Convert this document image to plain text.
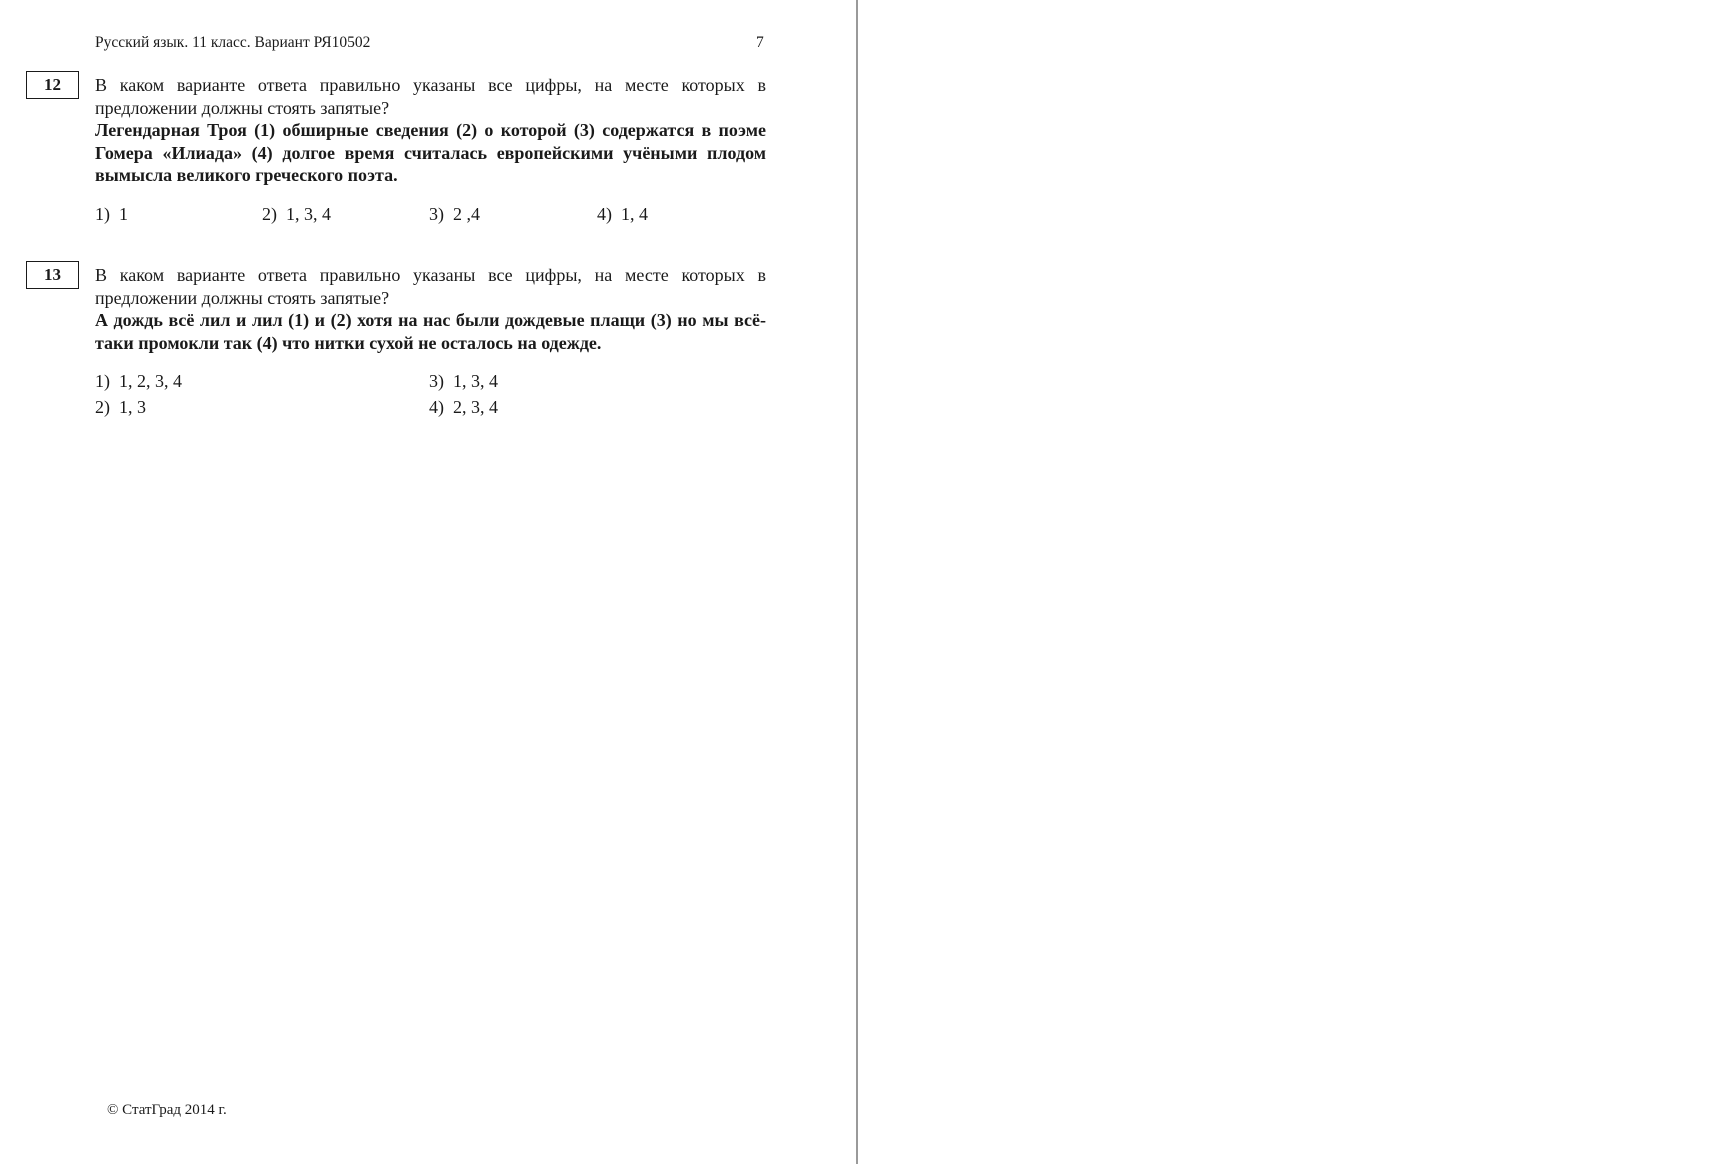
Русский язык. 11 класс. Вариант РЯ10502	7
12	В каком варианте ответа правильно указаны все цифры, на месте которых в предложении должны стоять запятые?

Легендарная Троя (1) обширные сведения (2) о которой (3) содержатся в поэме Гомера «Илиада» (4) долгое время считалась европейскими учёными плодом вымысла великого греческого поэта.

1)  1	2)  1, 3, 4	3)  2 ,4	4)  1, 4
13	В каком варианте ответа правильно указаны все цифры, на месте которых в предложении должны стоять запятые?

А дождь всё лил и лил (1) и (2) хотя на нас были дождевые плащи (3) но мы всё-таки промокли так (4) что нитки сухой не осталось на одежде.

1)  1, 2, 3, 4
2)  1, 3
3)  1, 3, 4
4)  2, 3, 4
© СтатГрад 2014 г.
